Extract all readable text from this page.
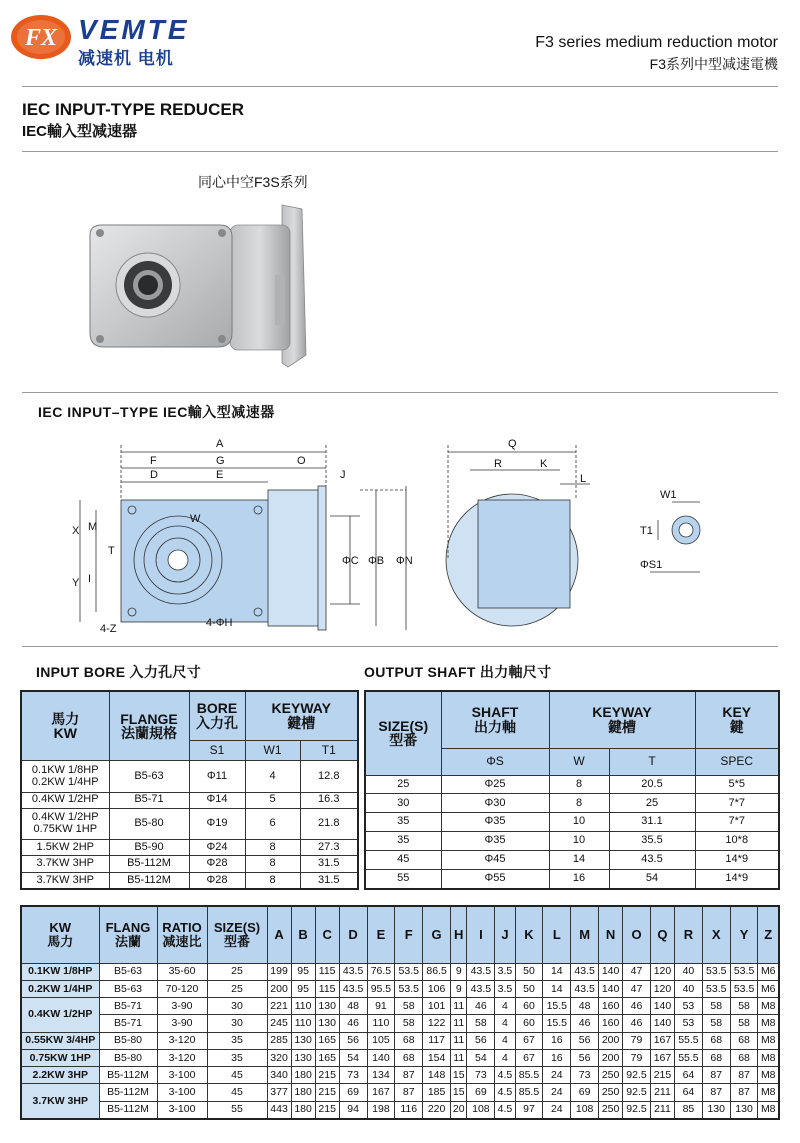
FX VEMTE
减速机 电机
F3 series medium reduction motor
F3系列中型减速電機
IEC INPUT-TYPE REDUCER
IEC輸入型减速器
同心中空F3S系列
IEC INPUT–TYPE IEC輸入型减速器
A
F	G	O
D	E	J
W
X M
T
Y I
ΦC ΦB ΦN
4-Z	4-ΦH
Q
R	K
L
W1
T1
ΦS1
INPUT BORE 入力孔尺寸	OUTPUT SHAFT 出力軸尺寸
馬力
KW	FLANGE
法蘭規格	BORE
入力孔	KEYWAY
鍵槽	

		S1	W1	T1

0.1KW 1/8HP
0.2KW 1/4HP	B5-63	Φ11	4	12.8

0.4KW 1/2HP	B5-71	Φ14	5	16.3

0.4KW 1/2HP
0.75KW 1HP	B5-80	Φ19	6	21.8

1.5KW 2HP	B5-90	Φ24	8	27.3

3.7KW 3HP	B5-112M	Φ28	8	31.5

3.7KW 3HP	B5-112M	Φ28	8	31.5
SIZE(S)
型番	SHAFT
出力軸	KEYWAY
鍵槽		KEY
鍵

	ΦS	W	T	SPEC
25	Φ25	8	20.5	5*5
30	Φ30	8	25	7*7
35	Φ35	10	31.1	7*7
35	Φ35	10	35.5	10*8
45	Φ45	14	43.5	14*9
55	Φ55	16	54	14*9
KW
馬力	FLANG
法蘭	RATIO
减速比	SIZE(S)
型番	A	B	C	D	E	F	G	H	I	J	K	L	M	N	O	Q	R	X	Y	Z

0.1KW 1/8HP	B5-63	35-60	25	199	95	115	43.5	76.5	53.5	86.5	9	43.5	3.5	50	14	43.5	140	47	120	40	53.5	53.5	M6

0.2KW 1/4HP	B5-63	70-120	25	200	95	115	43.5	95.5	53.5	106	9	43.5	3.5	50	14	43.5	140	47	120	40	53.5	53.5	M6

0.4KW 1/2HP	B5-71	3-90	30	221	110	130	48	91	58	101	11	46	4	60	15.5	48	160	46	140	53	58	58	M8
	B5-71	3-90	30	245	110	130	46	110	58	122	11	58	4	60	15.5	46	160	46	140	53	58	58	M8

0.55KW 3/4HP	B5-80	3-120	35	285	130	165	56	105	68	117	11	56	4	67	16	56	200	79	167	55.5	68	68	M8

0.75KW 1HP	B5-80	3-120	35	320	130	165	54	140	68	154	11	54	4	67	16	56	200	79	167	55.5	68	68	M8

2.2KW 3HP	B5-112M	3-100	45	340	180	215	73	134	87	148	15	73	4.5	85.5	24	73	250	92.5	215	64	87	87	M8

3.7KW 3HP	B5-112M	3-100	45	377	180	215	69	167	87	185	15	69	4.5	85.5	24	69	250	92.5	211	64	87	87	M8
	B5-112M	3-100	55	443	180	215	94	198	116	220	20	108	4.5	97	24	108	250	92.5	211	85	130	130	M8
